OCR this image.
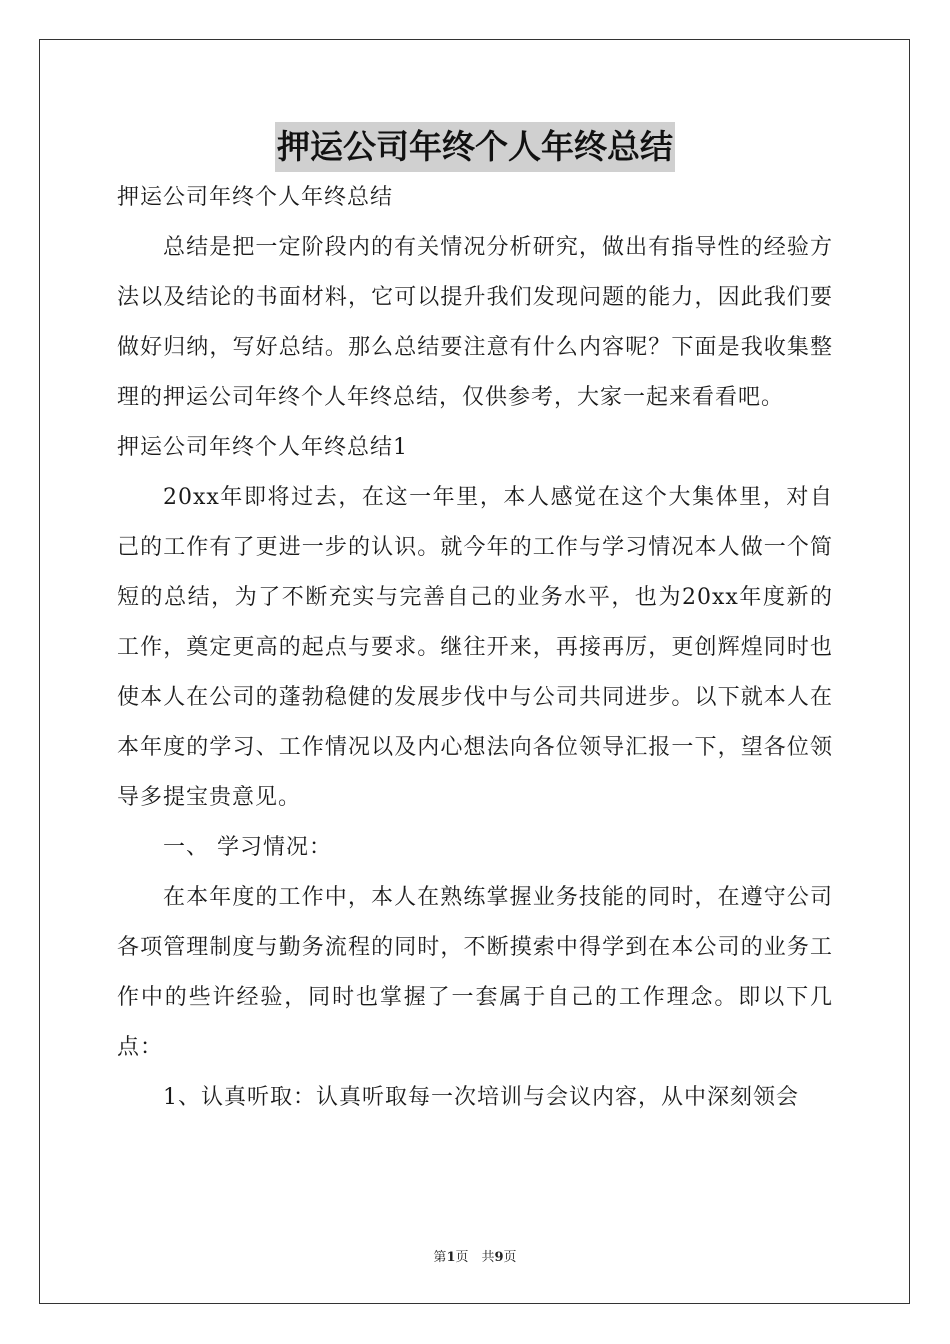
押运公司年终个人年终总结

押运公司年终个人年终总结

总结是把一定阶段内的有关情况分析研究，做出有指导性的经验方法以及结论的书面材料，它可以提升我们发现问题的能力，因此我们要做好归纳，写好总结。那么总结要注意有什么内容呢？下面是我收集整理的押运公司年终个人年终总结，仅供参考，大家一起来看看吧。

押运公司年终个人年终总结1

20xx年即将过去，在这一年里，本人感觉在这个大集体里，对自己的工作有了更进一步的认识。就今年的工作与学习情况本人做一个简短的总结，为了不断充实与完善自己的业务水平，也为20xx年度新的工作，奠定更高的起点与要求。继往开来，再接再厉，更创辉煌同时也使本人在公司的蓬勃稳健的发展步伐中与公司共同进步。以下就本人在本年度的学习、工作情况以及内心想法向各位领导汇报一下，望各位领导多提宝贵意见。

一、 学习情况：

在本年度的工作中，本人在熟练掌握业务技能的同时，在遵守公司各项管理制度与勤务流程的同时，不断摸索中得学到在本公司的业务工作中的些许经验，同时也掌握了一套属于自己的工作理念。即以下几点：

1、认真听取：认真听取每一次培训与会议内容，从中深刻领会

第1页　共9页
